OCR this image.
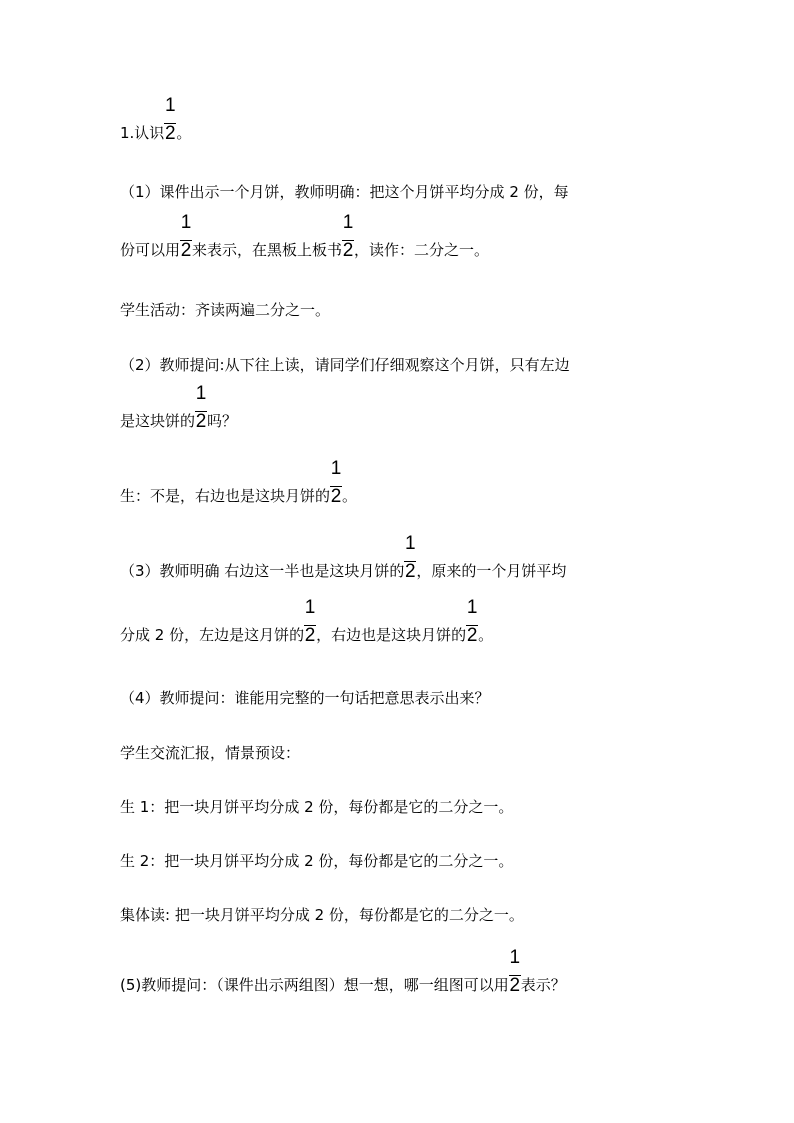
1.认识 $\frac{1}{2}$ 。
（1）课件出示一个月饼，教师明确：把这个月饼平均分成 2 份，每
份可以用 $\frac{1}{2}$ 来表示，在黑板上板书 $\frac{1}{2}$ ，读作：二分之一。
学生活动：齐读两遍二分之一。
（2）教师提问:从下往上读，请同学们仔细观察这个月饼，只有左边
是这块饼的 $\frac{1}{2}$ 吗？
生：不是，右边也是这块月饼的 $\frac{1}{2}$ 。
（3）教师明确 右边这一半也是这块月饼的 $\frac{1}{2}$ ，原来的一个月饼平均
分成 2 份，左边是这月饼的 $\frac{1}{2}$ ，右边也是这块月饼的 $\frac{1}{2}$ 。
（4）教师提问：谁能用完整的一句话把意思表示出来？
学生交流汇报，情景预设：
生 1：把一块月饼平均分成 2 份，每份都是它的二分之一。
生 2：把一块月饼平均分成 2 份，每份都是它的二分之一。
集体读: 把一块月饼平均分成 2 份，每份都是它的二分之一。
(5)教师提问：（课件出示两组图）想一想，哪一组图可以用 $\frac{1}{2}$ 表示？
